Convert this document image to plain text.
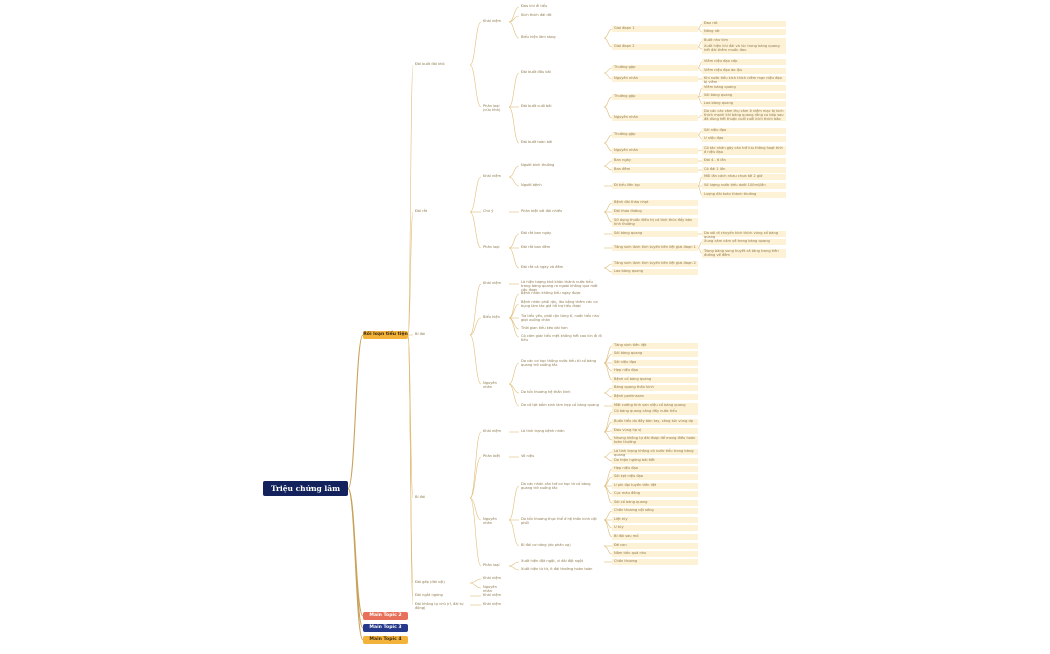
Triệu chứng lâm sàng
Rối loạn tiểu tiện
Main Topic 2
Main Topic 3
Main Topic 4
Đái buốt đái khó
Khái niệm
Đau khi đi tiểu
Kích thích đái rất
Biểu hiện lâm sàng
Giai đoạn 1
Đau rát
Nóng rát
Giai đoạn 2
Buốt như kim
Xuất hiện khi đái và lúc trong bàng quang hết đái thêm muốn đau
Phân loại (cứu tỉnh)
Đái buốt đầu bãi
Thường gặp
Viêm niệu đạo cấp
Viêm niệu đạo do lậu
Nguyên nhân	Khi nước tiểu kích thích niêm mạc niệu đạo bị viêm
Đái buốt cuối bãi
Thường gặp
Viêm bàng quang
Sỏi bàng quang
Lao bàng quang
Nguyên nhân
Do các các cảm thụ cảm ở niêm mạc bị kích thích mạnh khi bàng quang rỗng co bóp sau đã dùng hết thuộc cuối cuối kích thích bão
Đái buốt toàn bãi
Thường gặp
Sỏi niệu đạo
U niệu đạo
Nguyên nhân
Có tác nhân gây cản trở lưu thông hoạt tính ở niệu đạo
Đái rắt
Khái niệm
Người bình thường
Ban ngày	Đái 4 - 6 lần
Ban đêm	Có đái 1 lần
Người bệnh	Đi tiểu liên tục
Mỗi lần cách nhau chưa tới 2 giờ
Số lượng nước tiểu dưới 100ml/lần
Lượng đái toàn thành thường
Chú ý	Phân biệt với đái nhiều
Bệnh đái tháo nhạt
Đái tháo đường
Sử dụng thuốc điều trị có tính thúc đẩy bàn tính thường
Phân loại
Đái rắt ban ngày	Sỏi bàng quang	Do sỏi di chuyển kích thích vùng cổ bàng quang
Đái rắt ban đêm	Tăng sinh lành tính tuyến tiền liệt giai đoạn 1
Xung cảm cảm về trong bàng quang
Trong bàng sung huyết cả tăng trong tiền đường về đêm
Đái rắt cả ngày và đêm
Tăng sinh lành tính tuyến tiền liệt giai đoạn 2
Lao bàng quang
Bí đái
Khái niệm	Là hiện tượng khó khăn thành nước tiểu trong bàng quang ra ngoài không qua mắt cấu được
Biểu hiện
Bệnh nhân không tiểu ngay được
Bệnh nhân phải rặn, lâu bằng thêm các cơ bụng làm tác giả hỗ trợ tiểu được
Tia tiểu yếu, phải rặn từng tí, nước tiểu như giọt xuống chân
Thời gian tiểu kéo dài hơn
Có cảm giác tiểu mệt không hết cao kín đi đi tiểu
Nguyên nhân
Do các cơ học thông nước tiểu từ cổ bàng quang trở xuống tắc
Tăng sinh tiền liệt
Sỏi bàng quang
Sỏi niệu đạo
Hẹp niệu đạo
Bệnh cổ bàng quang
Do tổn thương hệ thần kinh
Bàng quang thần kinh
Bệnh parkinsons
Do cố tật bẩm sinh làm hẹp cổ bàng quang	Mất cường tính van niệu cổ bàng quang
Bí đái
Khái niệm	Là tình trạng bệnh nhân
Có bàng quang căng đầy nước tiểu
Buồn tiểu do đầy bàn tay, căng tức vùng dạ
Đau vùng hạ vị
Nhưng không tự đái được để mong điều hoàn toàn thường
Phân biệt	Vô niệu
Là tình trạng không có nước tiểu trong bàng quang
Do thận ngừng bài tiết
Nguyên nhân
Do các nhân cản trở cơ học từ cổ bàng quang trở xuống tắc
Hẹp niệu đạo
Sỏi kẹt niệu đạo
U phì đại tuyến tiền liệt
Cục máu đông
Sỏi cổ bàng quang
Do tổn thương thực thể ở hệ thần kinh cột phối
Chấn thương cột sống
Liệt tủy
U tủy
Bí đái sau mổ
Bí đái cơ năng (do phản xạ)	Đẻ con
Nằm tiểu quá nhu
Phân loại
Xuất hiện đột ngột, vì đái đột ngột	Chấn thương
Xuất hiện từ từ, ít đái thường hoàn toàn
Đái gấp (đái vội)
Khái niệm
Nguyên nhân
Đái ngắt ngừng	Khái niệm
Đái không tự chủ (rỉ, đái tự động)
Khái niệm
